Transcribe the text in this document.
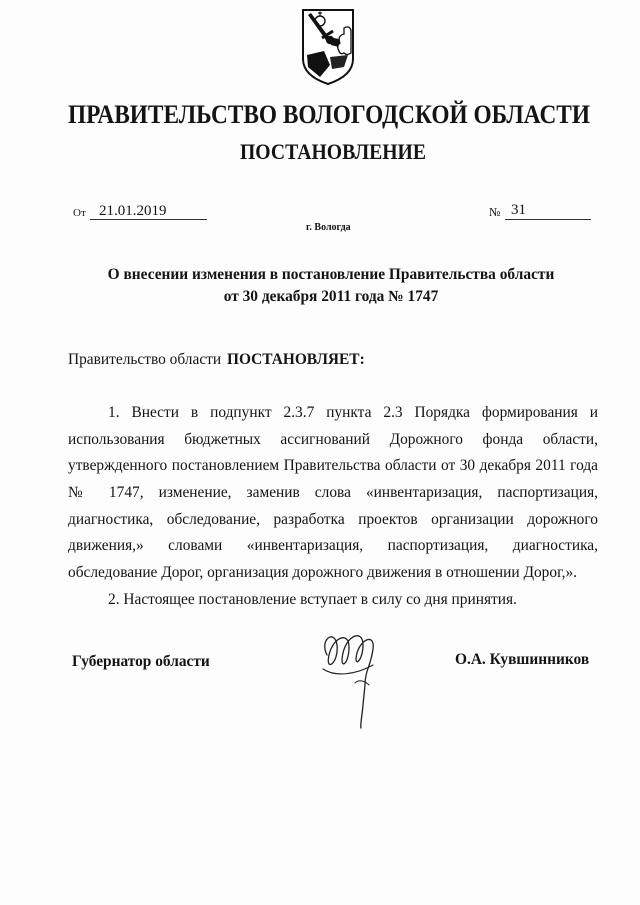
ПРАВИТЕЛЬСТВО ВОЛОГОДСКОЙ ОБЛАСТИ
ПОСТАНОВЛЕНИЕ
От 21.01.2019	№ 31
г. Вологда
О внесении изменения в постановление Правительства области
от 30 декабря 2011 года № 1747
Правительство области ПОСТАНОВЛЯЕТ:
1. Внести в подпункт 2.3.7 пункта 2.3 Порядка формирования и
использования бюджетных ассигнований Дорожного фонда области,
утвержденного постановлением Правительства области от 30 декабря 2011 года
№ 1747, изменение, заменив слова «инвентаризация, паспортизация,
диагностика, обследование, разработка проектов организации дорожного
движения,» словами «инвентаризация, паспортизация, диагностика,
обследование Дорог, организация дорожного движения в отношении Дорог,».
2. Настоящее постановление вступает в силу со дня принятия.
Губернатор области	О.А. Кувшинников
